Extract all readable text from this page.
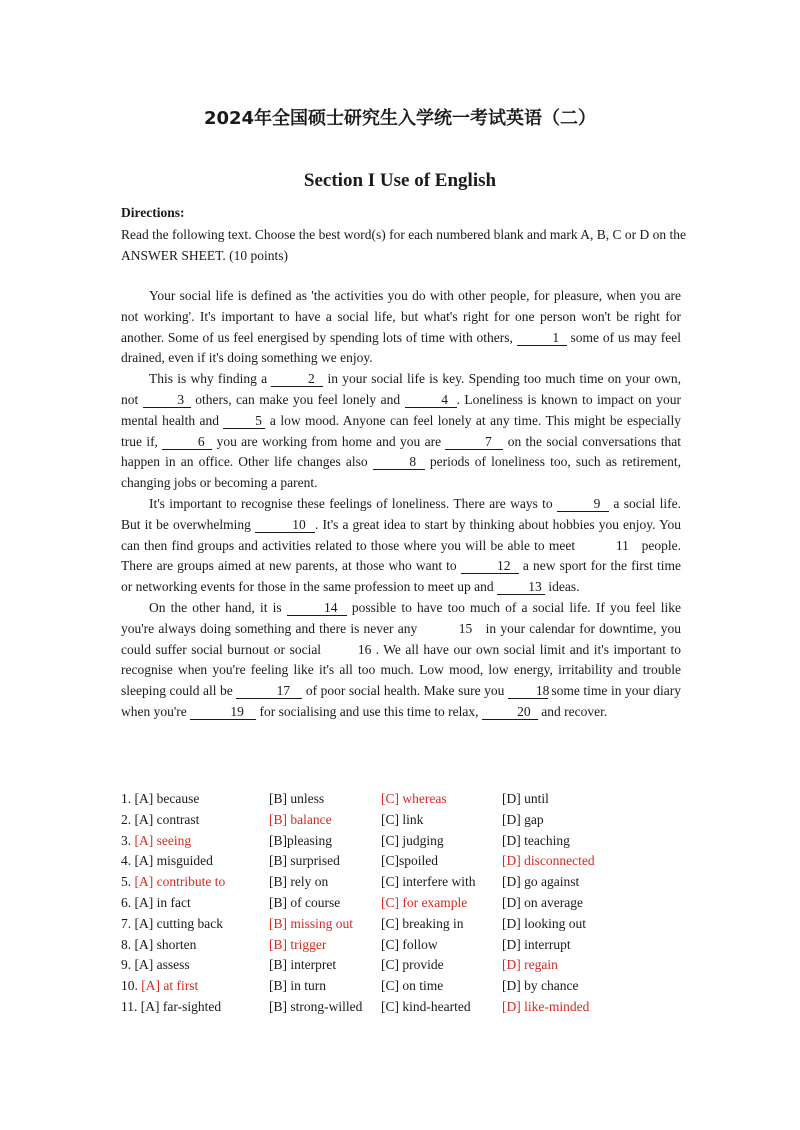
2024年全国硕士研究生入学统一考试英语（二）
Section I Use of English
Directions:
Read the following text. Choose the best word(s) for each numbered blank and mark A, B, C or D on the ANSWER SHEET. (10 points)

Your social life is defined as 'the activities you do with other people, for pleasure, when you are not working'. It's important to have a social life, but what's right for one person won't be right for another. Some of us feel energised by spending lots of time with others,	1 some of us may feel drained, even if it's doing something we enjoy.

This is why finding a	2 in your social life is key. Spending too much time on your own, not	3 others, can make you feel lonely and	4 . Loneliness is known to impact on your mental health and 5 a low mood. Anyone can feel lonely at any time. This might be especially true if,	6 you are working from home and you are	7 on the social conversations that happen in an office. Other life changes also	8 periods of loneliness too, such as retirement, changing jobs or becoming a parent.

It's important to recognise these feelings of loneliness. There are ways to	9 a social life. But it be overwhelming	10 . It's a great idea to start by thinking about hobbies you enjoy. You can then find groups and activities related to those where you will be able to meet	11 people. There are groups aimed at new parents, at those who want to	12 a new sport for the first time or networking events for those in the same profession to meet up and 13 ideas.

On the other hand, it is	14 possible to have too much of a social life. If you feel like you're always doing something and there is never any	15 in your calendar for downtime, you could suffer social burnout or social 16 . We all have our own social limit and it's important to recognise when you're feeling like it's all too much. Low mood, low energy, irritability and trouble sleeping could all be	17 of poor social health. Make sure you 18 some time in your diary when you're	19 for socialising and use this time to relax,	20 and recover.

1. [A] because	[B] unless	[C] whereas	[D] until
2. [A] contrast	[B] balance	[C] link	[D] gap
3. [A] seeing	[B]pleasing	[C] judging	[D] teaching
4. [A] misguided	[B] surprised	[C]spoiled	[D] disconnected
5. [A] contribute to	[B] rely on	[C] interfere with [D] go against
6. [A] in fact	[B] of course	[C] for example	[D] on average
7. [A] cutting back	[B] missing out [C] breaking in	[D] looking out
8. [A] shorten	[B] trigger	[C] follow	[D] interrupt
9. [A] assess	[B] interpret	[C] provide	[D] regain
10. [A] at first	[B] in turn	[C] on time	[D] by chance
11. [A] far-sighted	[B] strong-willed [C] kind-hearted [D] like-minded
